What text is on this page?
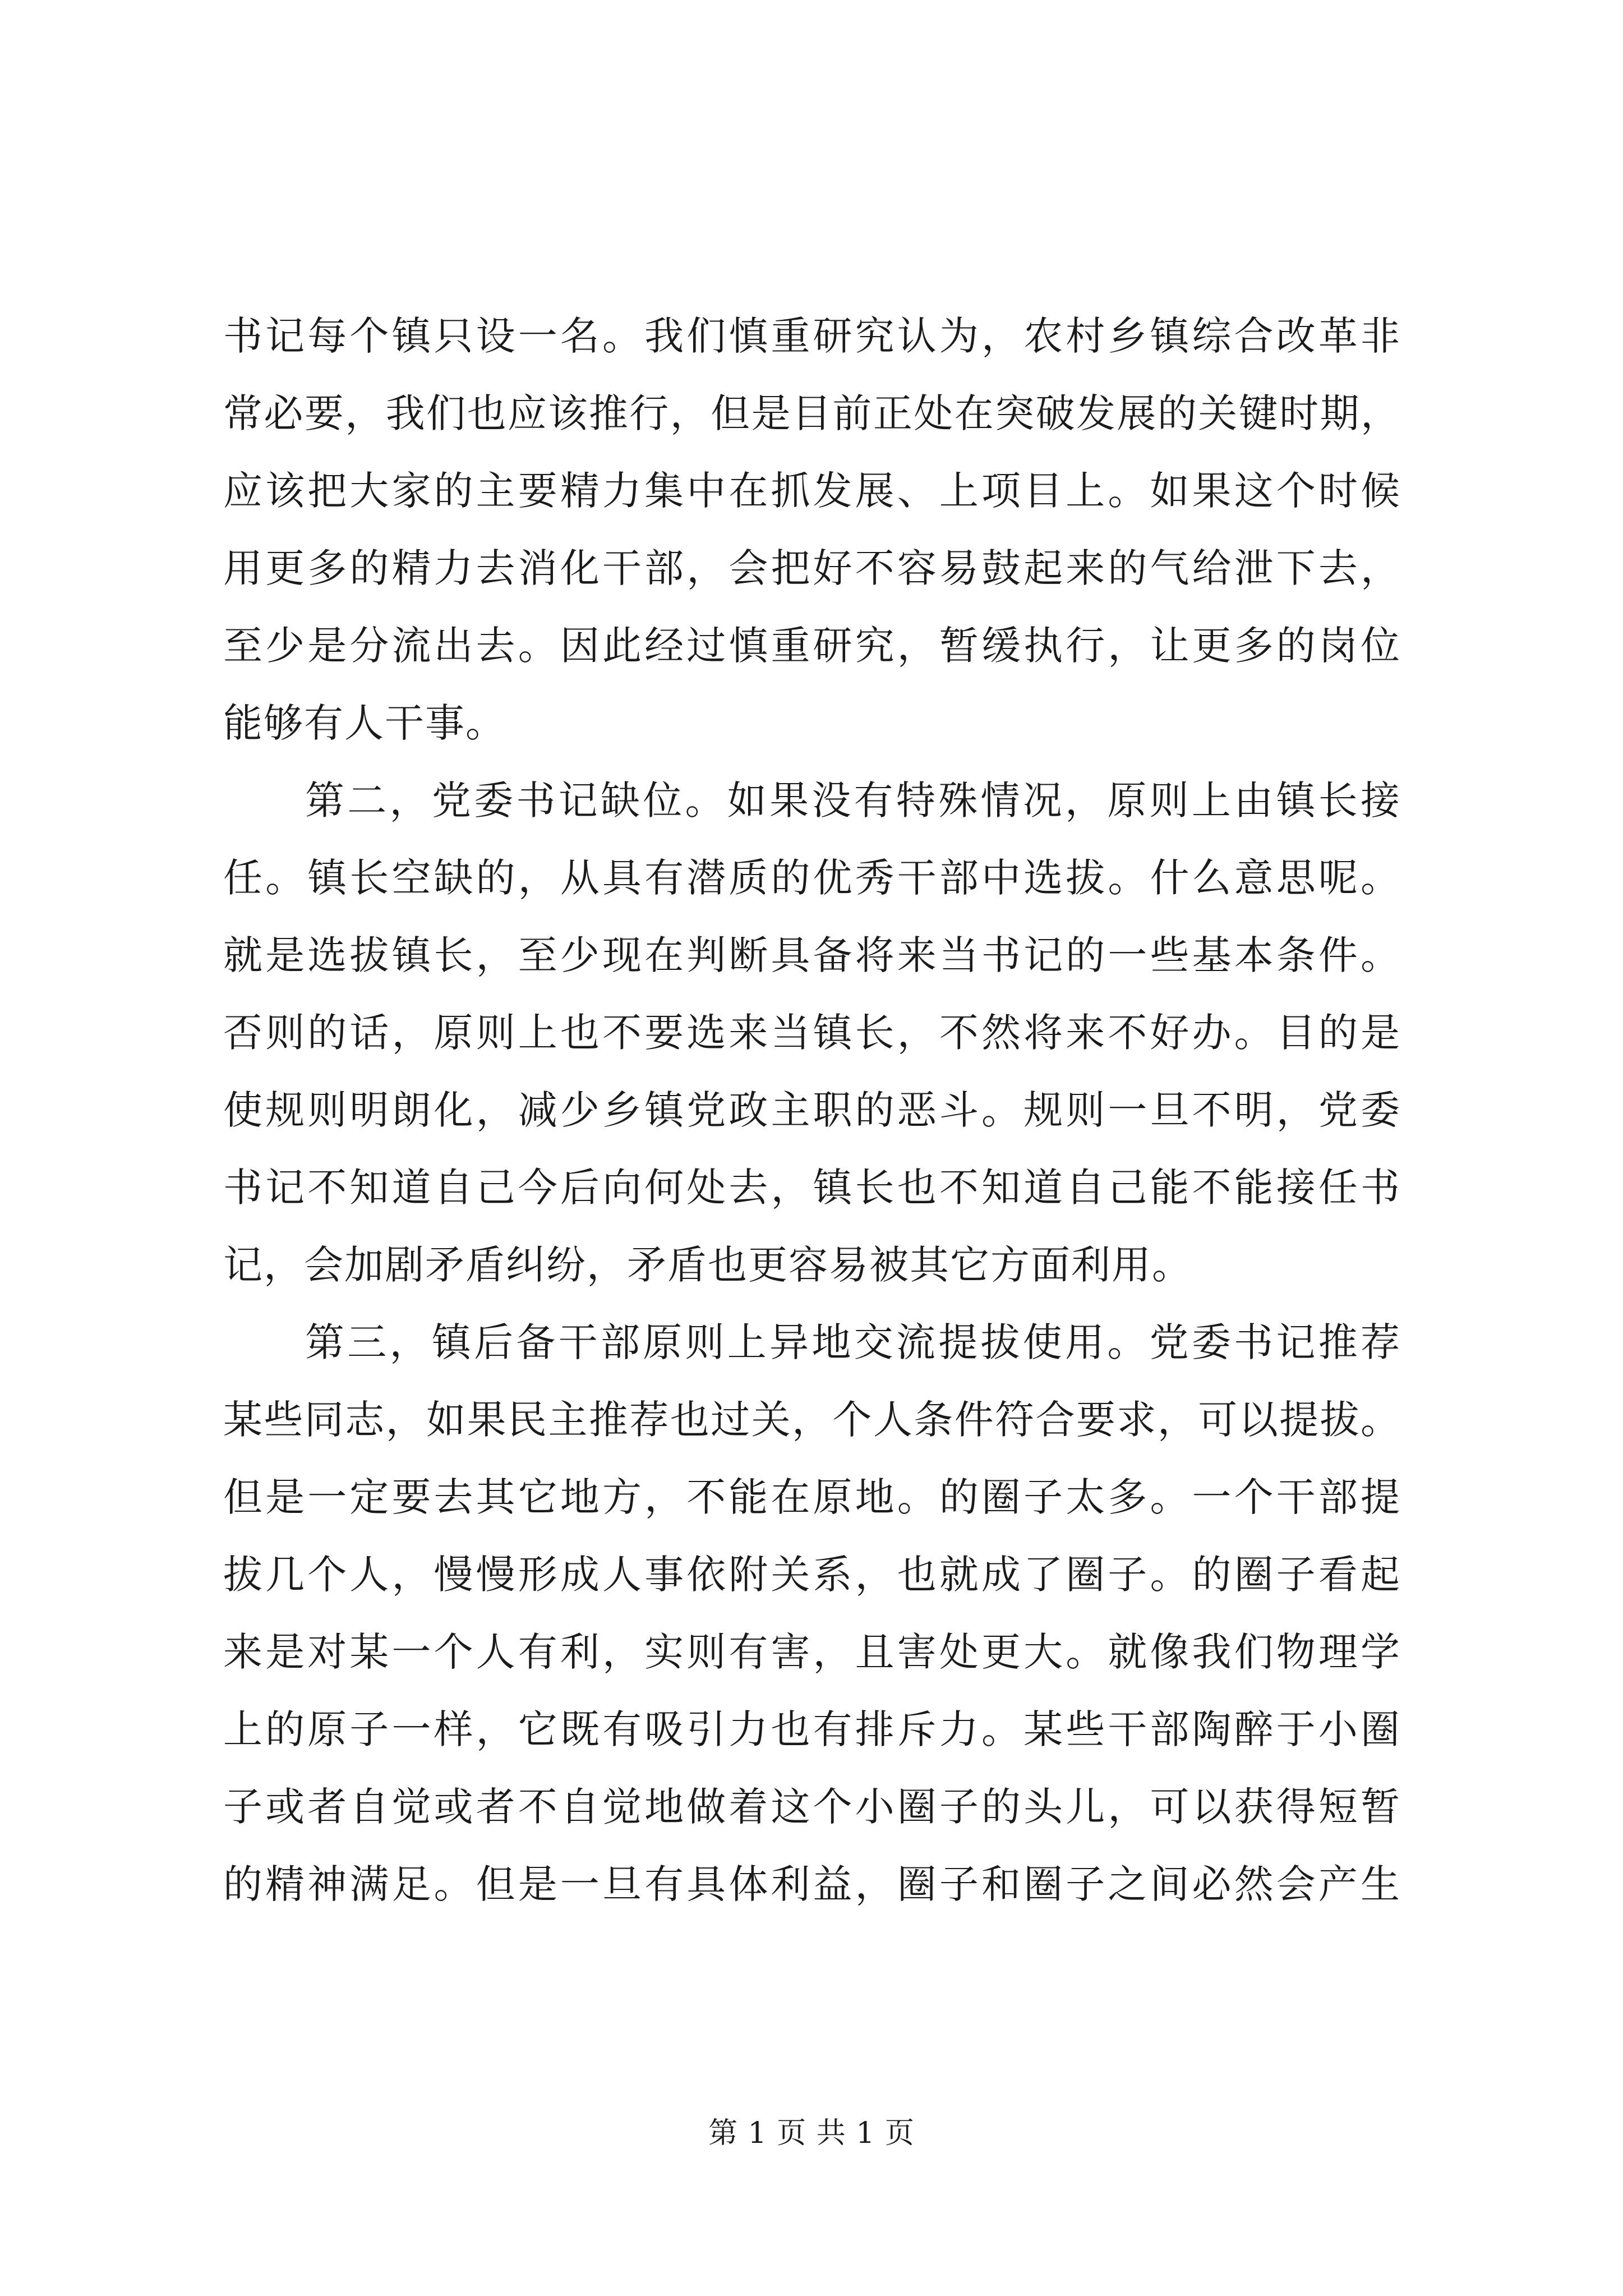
书记每个镇只设一名。我们慎重研究认为，农村乡镇综合改革非
常必要，我们也应该推行，但是目前正处在突破发展的关键时期，
应该把大家的主要精力集中在抓发展、上项目上。如果这个时候
用更多的精力去消化干部，会把好不容易鼓起来的气给泄下去，
至少是分流出去。因此经过慎重研究，暂缓执行，让更多的岗位
能够有人干事。
第二，党委书记缺位。如果没有特殊情况，原则上由镇长接
任。镇长空缺的，从具有潜质的优秀干部中选拔。什么意思呢。
就是选拔镇长，至少现在判断具备将来当书记的一些基本条件。
否则的话，原则上也不要选来当镇长，不然将来不好办。目的是
使规则明朗化，减少乡镇党政主职的恶斗。规则一旦不明，党委
书记不知道自己今后向何处去，镇长也不知道自己能不能接任书
记，会加剧矛盾纠纷，矛盾也更容易被其它方面利用。
第三，镇后备干部原则上异地交流提拔使用。党委书记推荐
某些同志，如果民主推荐也过关，个人条件符合要求，可以提拔。
但是一定要去其它地方，不能在原地。的圈子太多。一个干部提
拔几个人，慢慢形成人事依附关系，也就成了圈子。的圈子看起
来是对某一个人有利，实则有害，且害处更大。就像我们物理学
上的原子一样，它既有吸引力也有排斥力。某些干部陶醉于小圈
子或者自觉或者不自觉地做着这个小圈子的头儿，可以获得短暂
的精神满足。但是一旦有具体利益，圈子和圈子之间必然会产生
第 1 页 共 1 页
